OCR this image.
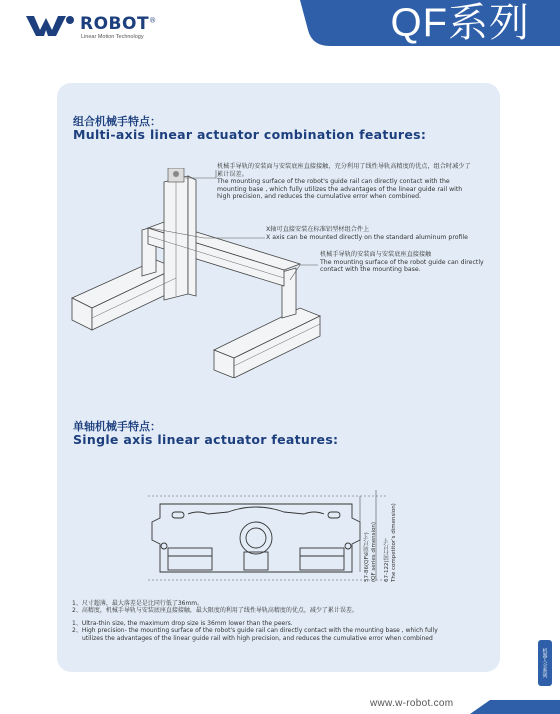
ROBOT®
Linear Motion Technology	QF系列
组合机械手特点：
Multi-axis linear actuator combination features:
机械手导轨的安装面与安装底座直接接触，充分利用了线性导轨高精度的优点，组合时减少了累计误差。
The mounting surface of the robot's guide rail can directly contact with the mounting base , which fully utilizes the advantages of the linear guide rail with high precision, and reduces the cumulative error when combined.
X轴可直接安装在标准铝型材组合件上
X axis can be mounted directly on the standard aluminum profile
机械手导轨的安装面与安装底座直接接触
The mounting surface of the robot guide can directly contact with the mounting base.
单轴机械手特点：
Single axis linear actuator features:
57-86(QF系列尺寸)
(QF series dimension)	67-122(同行尺寸
The competitor's dimension)
1、尺寸超薄，最大落差是是比同行低了36mm。
2、高精度，机械手导轨与安装底座直接接触，最大限度的利用了线性导轨高精度的优点，减少了累计误差。
1、Ultra-thin size, the maximum drop size is 36mm lower than the peers.
2、High precision- the mounting surface of the robot's guide rail can directly contact with the mounting base , which fully
utilizes the advantages of the linear guide rail with high precision, and reduces the cumulative error when combined
机器人全系列
www.w-robot.com
